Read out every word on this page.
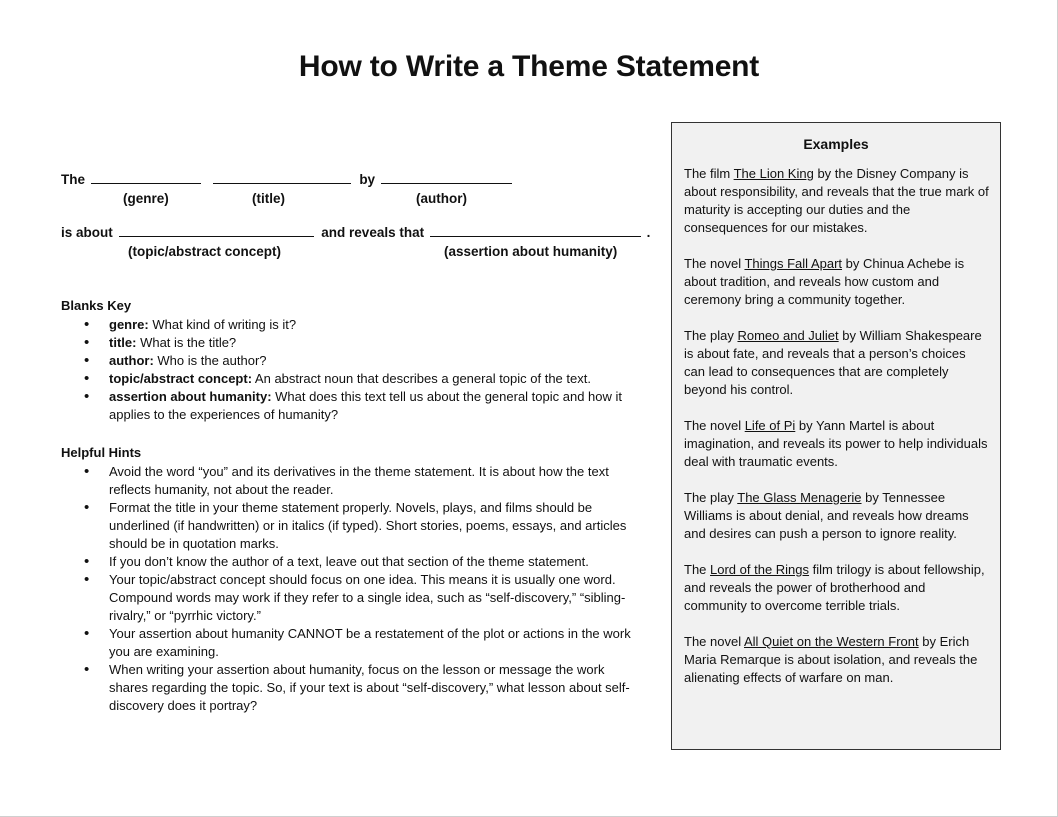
How to Write a Theme Statement
The	by
(genre)	(title)	(author)
is about	and reveals that	.
(topic/abstract concept)	(assertion about humanity)
Blanks Key
• genre: What kind of writing is it?
• title: What is the title?
• author: Who is the author?
• topic/abstract concept: An abstract noun that describes a general topic of the text.
• assertion about humanity: What does this text tell us about the general topic and how it applies to the experiences of humanity?
Helpful Hints
• Avoid the word “you” and its derivatives in the theme statement. It is about how the text reflects humanity, not about the reader.
• Format the title in your theme statement properly. Novels, plays, and films should be underlined (if handwritten) or in italics (if typed). Short stories, poems, essays, and articles should be in quotation marks.
• If you don’t know the author of a text, leave out that section of the theme statement.
• Your topic/abstract concept should focus on one idea. This means it is usually one word. Compound words may work if they refer to a single idea, such as “self-discovery,” “sibling-rivalry,” or “pyrrhic victory.”
• Your assertion about humanity CANNOT be a restatement of the plot or actions in the work you are examining.
• When writing your assertion about humanity, focus on the lesson or message the work shares regarding the topic. So, if your text is about “self-discovery,” what lesson about self-discovery does it portray?
Examples
The film The Lion King by the Disney Company is about responsibility, and reveals that the true mark of maturity is accepting our duties and the consequences for our mistakes.
The novel Things Fall Apart by Chinua Achebe is about tradition, and reveals how custom and ceremony bring a community together.
The play Romeo and Juliet by William Shakespeare is about fate, and reveals that a person’s choices can lead to consequences that are completely beyond his control.
The novel Life of Pi by Yann Martel is about imagination, and reveals its power to help individuals deal with traumatic events.
The play The Glass Menagerie by Tennessee Williams is about denial, and reveals how dreams and desires can push a person to ignore reality.
The Lord of the Rings film trilogy is about fellowship, and reveals the power of brotherhood and community to overcome terrible trials.
The novel All Quiet on the Western Front by Erich Maria Remarque is about isolation, and reveals the alienating effects of warfare on man.
